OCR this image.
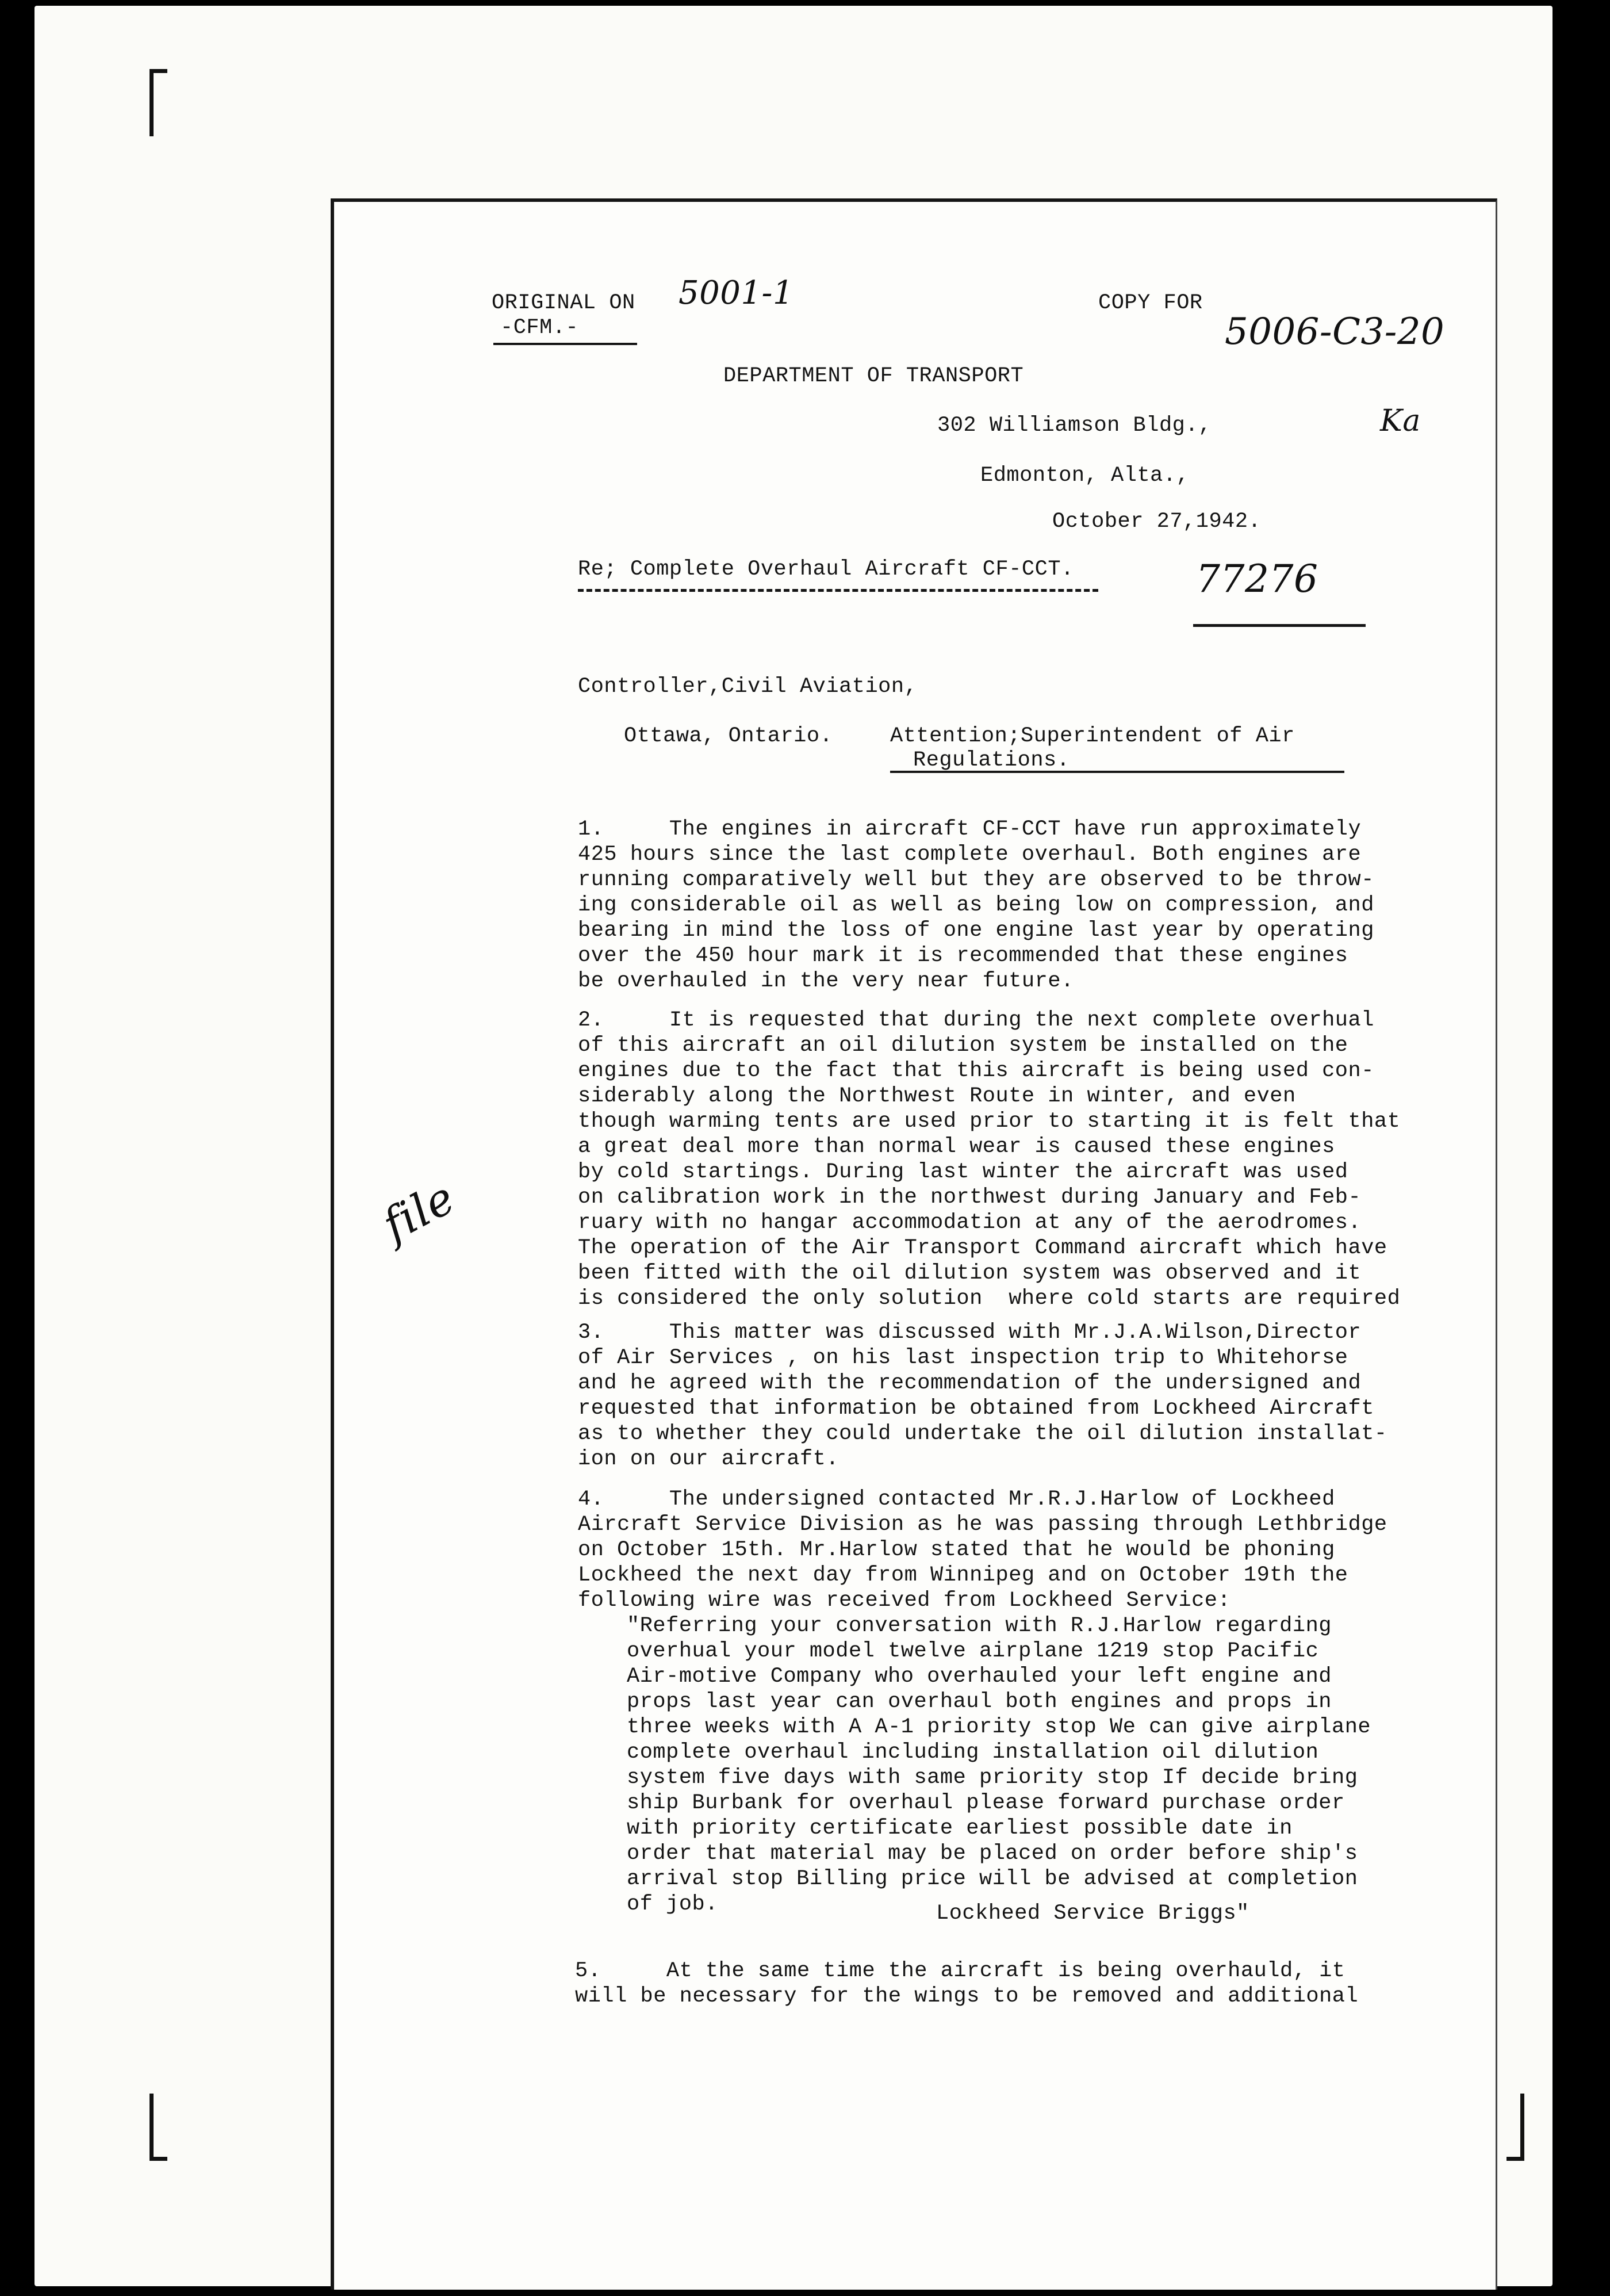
ORIGINAL ON 5001-1

-CFM.-

COPY FOR

5006-C3-20

Ka

DEPARTMENT OF TRANSPORT

302 Williamson Bldg.,

Edmonton, Alta.,

October 27,1942.

Re; Complete Overhaul Aircraft CF-CCT.	77276

Controller,Civil Aviation,

Ottawa, Ontario.	Attention;Superintendent of Air

Regulations.

1.     The engines in aircraft CF-CCT have run approximately
425 hours since the last complete overhaul. Both engines are
running comparatively well but they are observed to be throw-
ing considerable oil as well as being low on compression, and
bearing in mind the loss of one engine last year by operating
over the 450 hour mark it is recommended that these engines
be overhauled in the very near future.
2.     It is requested that during the next complete overhual
of this aircraft an oil dilution system be installed on the
engines due to the fact that this aircraft is being used con-
siderably along the Northwest Route in winter, and even
though warming tents are used prior to starting it is felt that
a great deal more than normal wear is caused these engines
by cold startings. During last winter the aircraft was used
on calibration work in the northwest during January and Feb-
ruary with no hangar accommodation at any of the aerodromes.
The operation of the Air Transport Command aircraft which have
been fitted with the oil dilution system was observed and it
is considered the only solution  where cold starts are required

file

3.     This matter was discussed with Mr.J.A.Wilson,Director
of Air Services , on his last inspection trip to Whitehorse
and he agreed with the recommendation of the undersigned and
requested that information be obtained from Lockheed Aircraft
as to whether they could undertake the oil dilution installat-
ion on our aircraft.
4.     The undersigned contacted Mr.R.J.Harlow of Lockheed
Aircraft Service Division as he was passing through Lethbridge
on October 15th. Mr.Harlow stated that he would be phoning
Lockheed the next day from Winnipeg and on October 19th the
following wire was received from Lockheed Service:
"Referring your conversation with R.J.Harlow regarding
overhual your model twelve airplane 1219 stop Pacific
Air-motive Company who overhauled your left engine and
props last year can overhaul both engines and props in
three weeks with A A-1 priority stop We can give airplane
complete overhaul including installation oil dilution
system five days with same priority stop If decide bring
ship Burbank for overhaul please forward purchase order
with priority certificate earliest possible date in
order that material may be placed on order before ship's
arrival stop Billing price will be advised at completion
of job.	Lockheed Service Briggs"

5.     At the same time the aircraft is being overhauld, it
will be necessary for the wings to be removed and additional
